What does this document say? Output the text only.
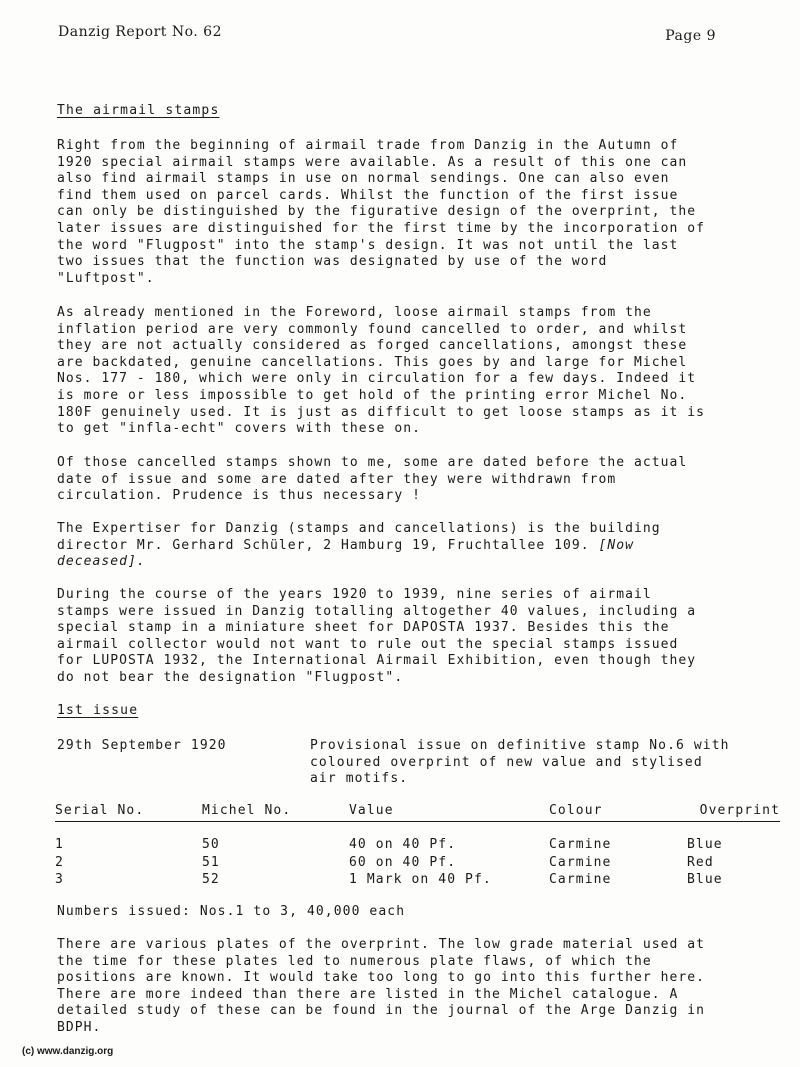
Danzig Report No. 62	Page 9
The airmail stamps

Right from the beginning of airmail trade from Danzig in the Autumn of
1920 special airmail stamps were available. As a result of this one can
also find airmail stamps in use on normal sendings. One can also even
find them used on parcel cards. Whilst the function of the first issue
can only be distinguished by the figurative design of the overprint, the
later issues are distinguished for the first time by the incorporation of
the word "Flugpost" into the stamp's design. It was not until the last
two issues that the function was designated by use of the word
"Luftpost".

As already mentioned in the Foreword, loose airmail stamps from the
inflation period are very commonly found cancelled to order, and whilst
they are not actually considered as forged cancellations, amongst these
are backdated, genuine cancellations. This goes by and large for Michel
Nos. 177 - 180, which were only in circulation for a few days. Indeed it
is more or less impossible to get hold of the printing error Michel No.
180F genuinely used. It is just as difficult to get loose stamps as it is
to get "infla-echt" covers with these on.

Of those cancelled stamps shown to me, some are dated before the actual
date of issue and some are dated after they were withdrawn from
circulation. Prudence is thus necessary !

The Expertiser for Danzig (stamps and cancellations) is the building
director Mr. Gerhard Schüler, 2 Hamburg 19, Fruchtallee 109. [Now
deceased].

During the course of the years 1920 to 1939, nine series of airmail
stamps were issued in Danzig totalling altogether 40 values, including a
special stamp in a miniature sheet for DAPOSTA 1937. Besides this the
airmail collector would not want to rule out the special stamps issued
for LUPOSTA 1932, the International Airmail Exhibition, even though they
do not bear the designation "Flugpost".

1st issue
29th September 1920	Provisional issue on definitive stamp No.6 with
coloured overprint of new value and stylised
air motifs.

Serial No.	Michel No.	Value	Colour	Overprint

1	50	40 on 40 Pf.	Carmine	Blue
2	51	60 on 40 Pf.	Carmine	Red
3	52	1 Mark on 40 Pf.	Carmine	Blue
Numbers issued: Nos.1 to 3, 40,000 each

There are various plates of the overprint. The low grade material used at
the time for these plates led to numerous plate flaws, of which the
positions are known. It would take too long to go into this further here.
There are more indeed than there are listed in the Michel catalogue. A
detailed study of these can be found in the journal of the Arge Danzig in
BDPH.

(c) www.danzig.org
